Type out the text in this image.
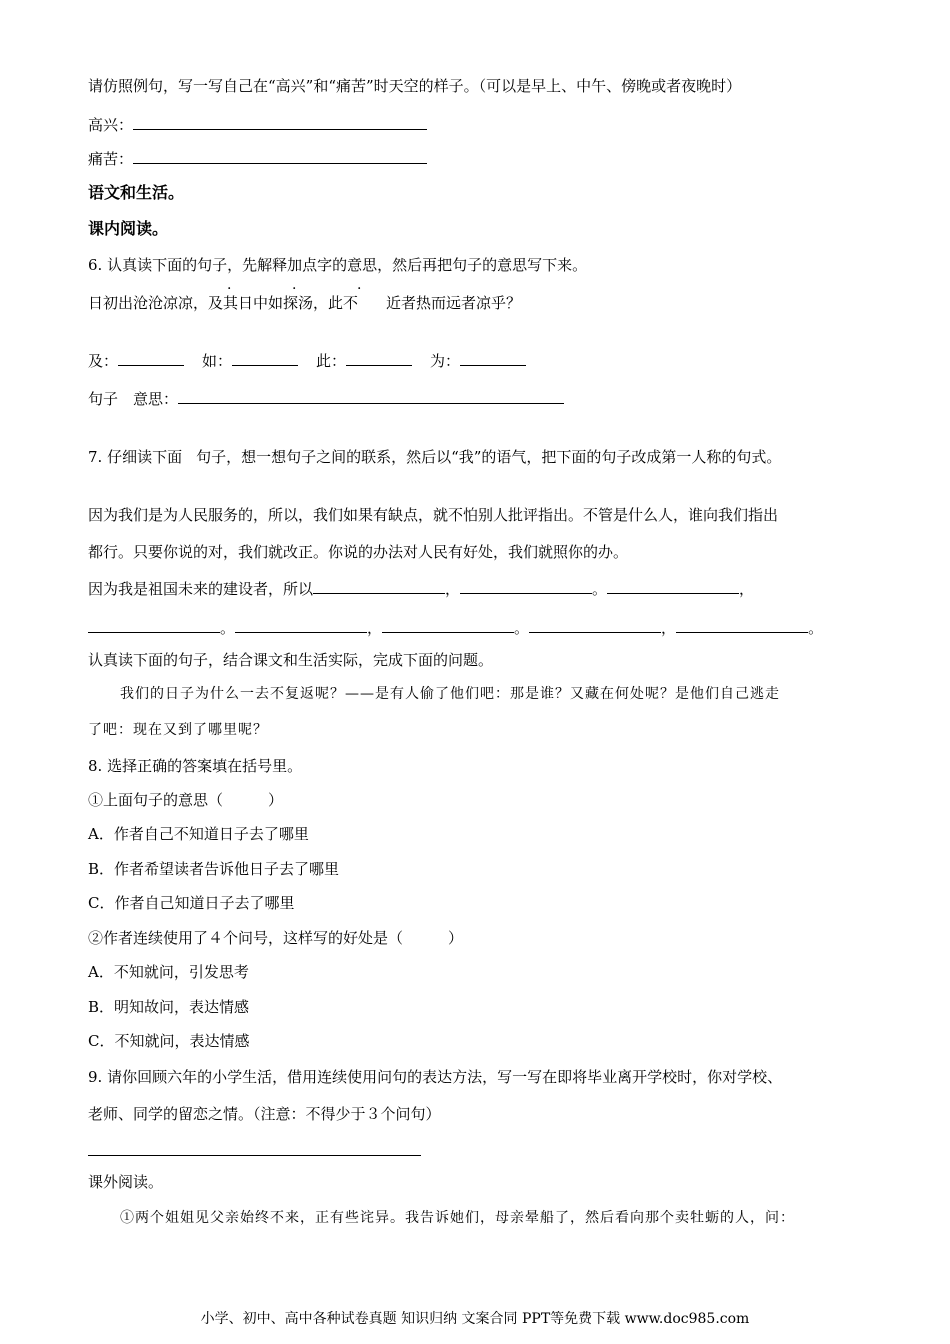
请仿照例句，写一写自己在“高兴”和“痛苦”时天空的样子。（可以是早上、中午、傍晚或者夜晚时）
高兴：
痛苦：
语文和生活。
课内阅读。
6. 认真读下面的句子，先解释加点字的意思，然后再把句子的意思写下来。
·	·	·
日初出沧沧凉凉，及其日中如探汤，此不 近者热而远者凉乎？
及：	如：	此：	为：
句子　意思：
7. 仔细读下面 句子，想一想句子之间的联系，然后以“我”的语气，把下面的句子改成第一人称的句式。
因为我们是为人民服务的，所以，我们如果有缺点，就不怕别人批评指出。不管是什么人，谁向我们指出
都行。只要你说的对，我们就改正。你说的办法对人民有好处，我们就照你的办。
因为我是祖国未来的建设者，所以	，	。	，
。	，	。	，	。
认真读下面的句子，结合课文和生活实际，完成下面的问题。
我们的日子为什么一去不复返呢？——是有人偷了他们吧：那是谁？又藏在何处呢？是他们自己逃走
了吧：现在又到了哪里呢？
8. 选择正确的答案填在括号里。
①上面句子的意思（　　　）
A．作者自己不知道日子去了哪里
B．作者希望读者告诉他日子去了哪里
C．作者自己知道日子去了哪里
②作者连续使用了４个问号，这样写的好处是（　　　）
A．不知就问，引发思考
B．明知故问，表达情感
C．不知就问，表达情感
9. 请你回顾六年的小学生活，借用连续使用问句的表达方法，写一写在即将毕业离开学校时，你对学校、
老师、同学的留恋之情。（注意：不得少于３个问句）
课外阅读。
①两个姐姐见父亲始终不来，正有些诧异。我告诉她们，母亲晕船了，然后看向那个卖牡蛎的人，问：
小学、初中、高中各种试卷真题 知识归纳 文案合同 PPT等免费下载 www.doc985.com
